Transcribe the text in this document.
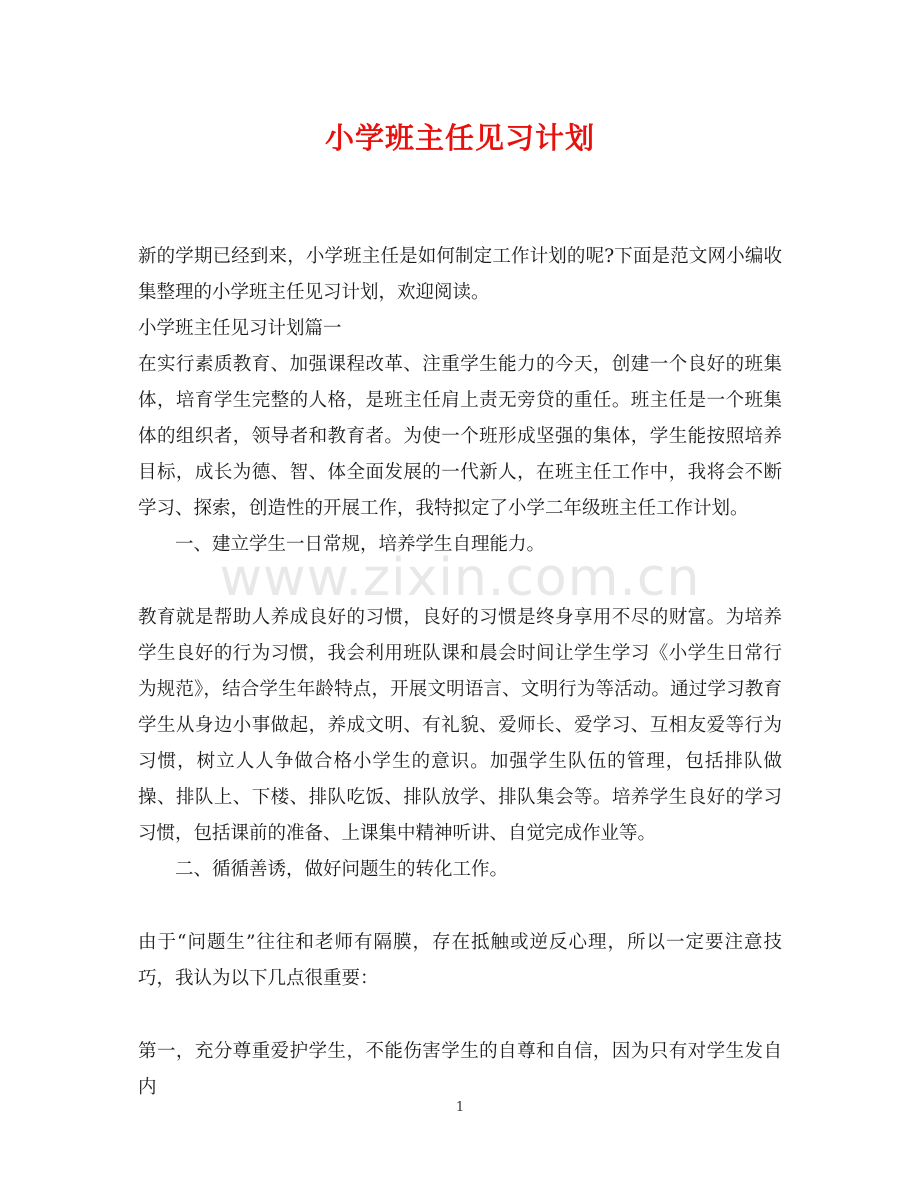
小学班主任见习计划

新的学期已经到来，小学班主任是如何制定工作计划的呢?下面是范文网小编收集整理的小学班主任见习计划，欢迎阅读。

小学班主任见习计划篇一

在实行素质教育、加强课程改革、注重学生能力的今天，创建一个良好的班集体，培育学生完整的人格，是班主任肩上责无旁贷的重任。班主任是一个班集体的组织者，领导者和教育者。为使一个班形成坚强的集体，学生能按照培养目标，成长为德、智、体全面发展的一代新人，在班主任工作中，我将会不断学习、探索，创造性的开展工作，我特拟定了小学二年级班主任工作计划。

一、建立学生一日常规，培养学生自理能力。

教育就是帮助人养成良好的习惯，良好的习惯是终身享用不尽的财富。为培养学生良好的行为习惯，我会利用班队课和晨会时间让学生学习《小学生日常行为规范》，结合学生年龄特点，开展文明语言、文明行为等活动。通过学习教育学生从身边小事做起，养成文明、有礼貌、爱师长、爱学习、互相友爱等行为习惯，树立人人争做合格小学生的意识。加强学生队伍的管理，包括排队做操、排队上、下楼、排队吃饭、排队放学、排队集会等。培养学生良好的学习习惯，包括课前的准备、上课集中精神听讲、自觉完成作业等。

二、循循善诱，做好问题生的转化工作。

由于“问题生”往往和老师有隔膜，存在抵触或逆反心理，所以一定要注意技巧，我认为以下几点很重要：

第一，充分尊重爱护学生，不能伤害学生的自尊和自信，因为只有对学生发自内

www.zixin.com.cn
1
